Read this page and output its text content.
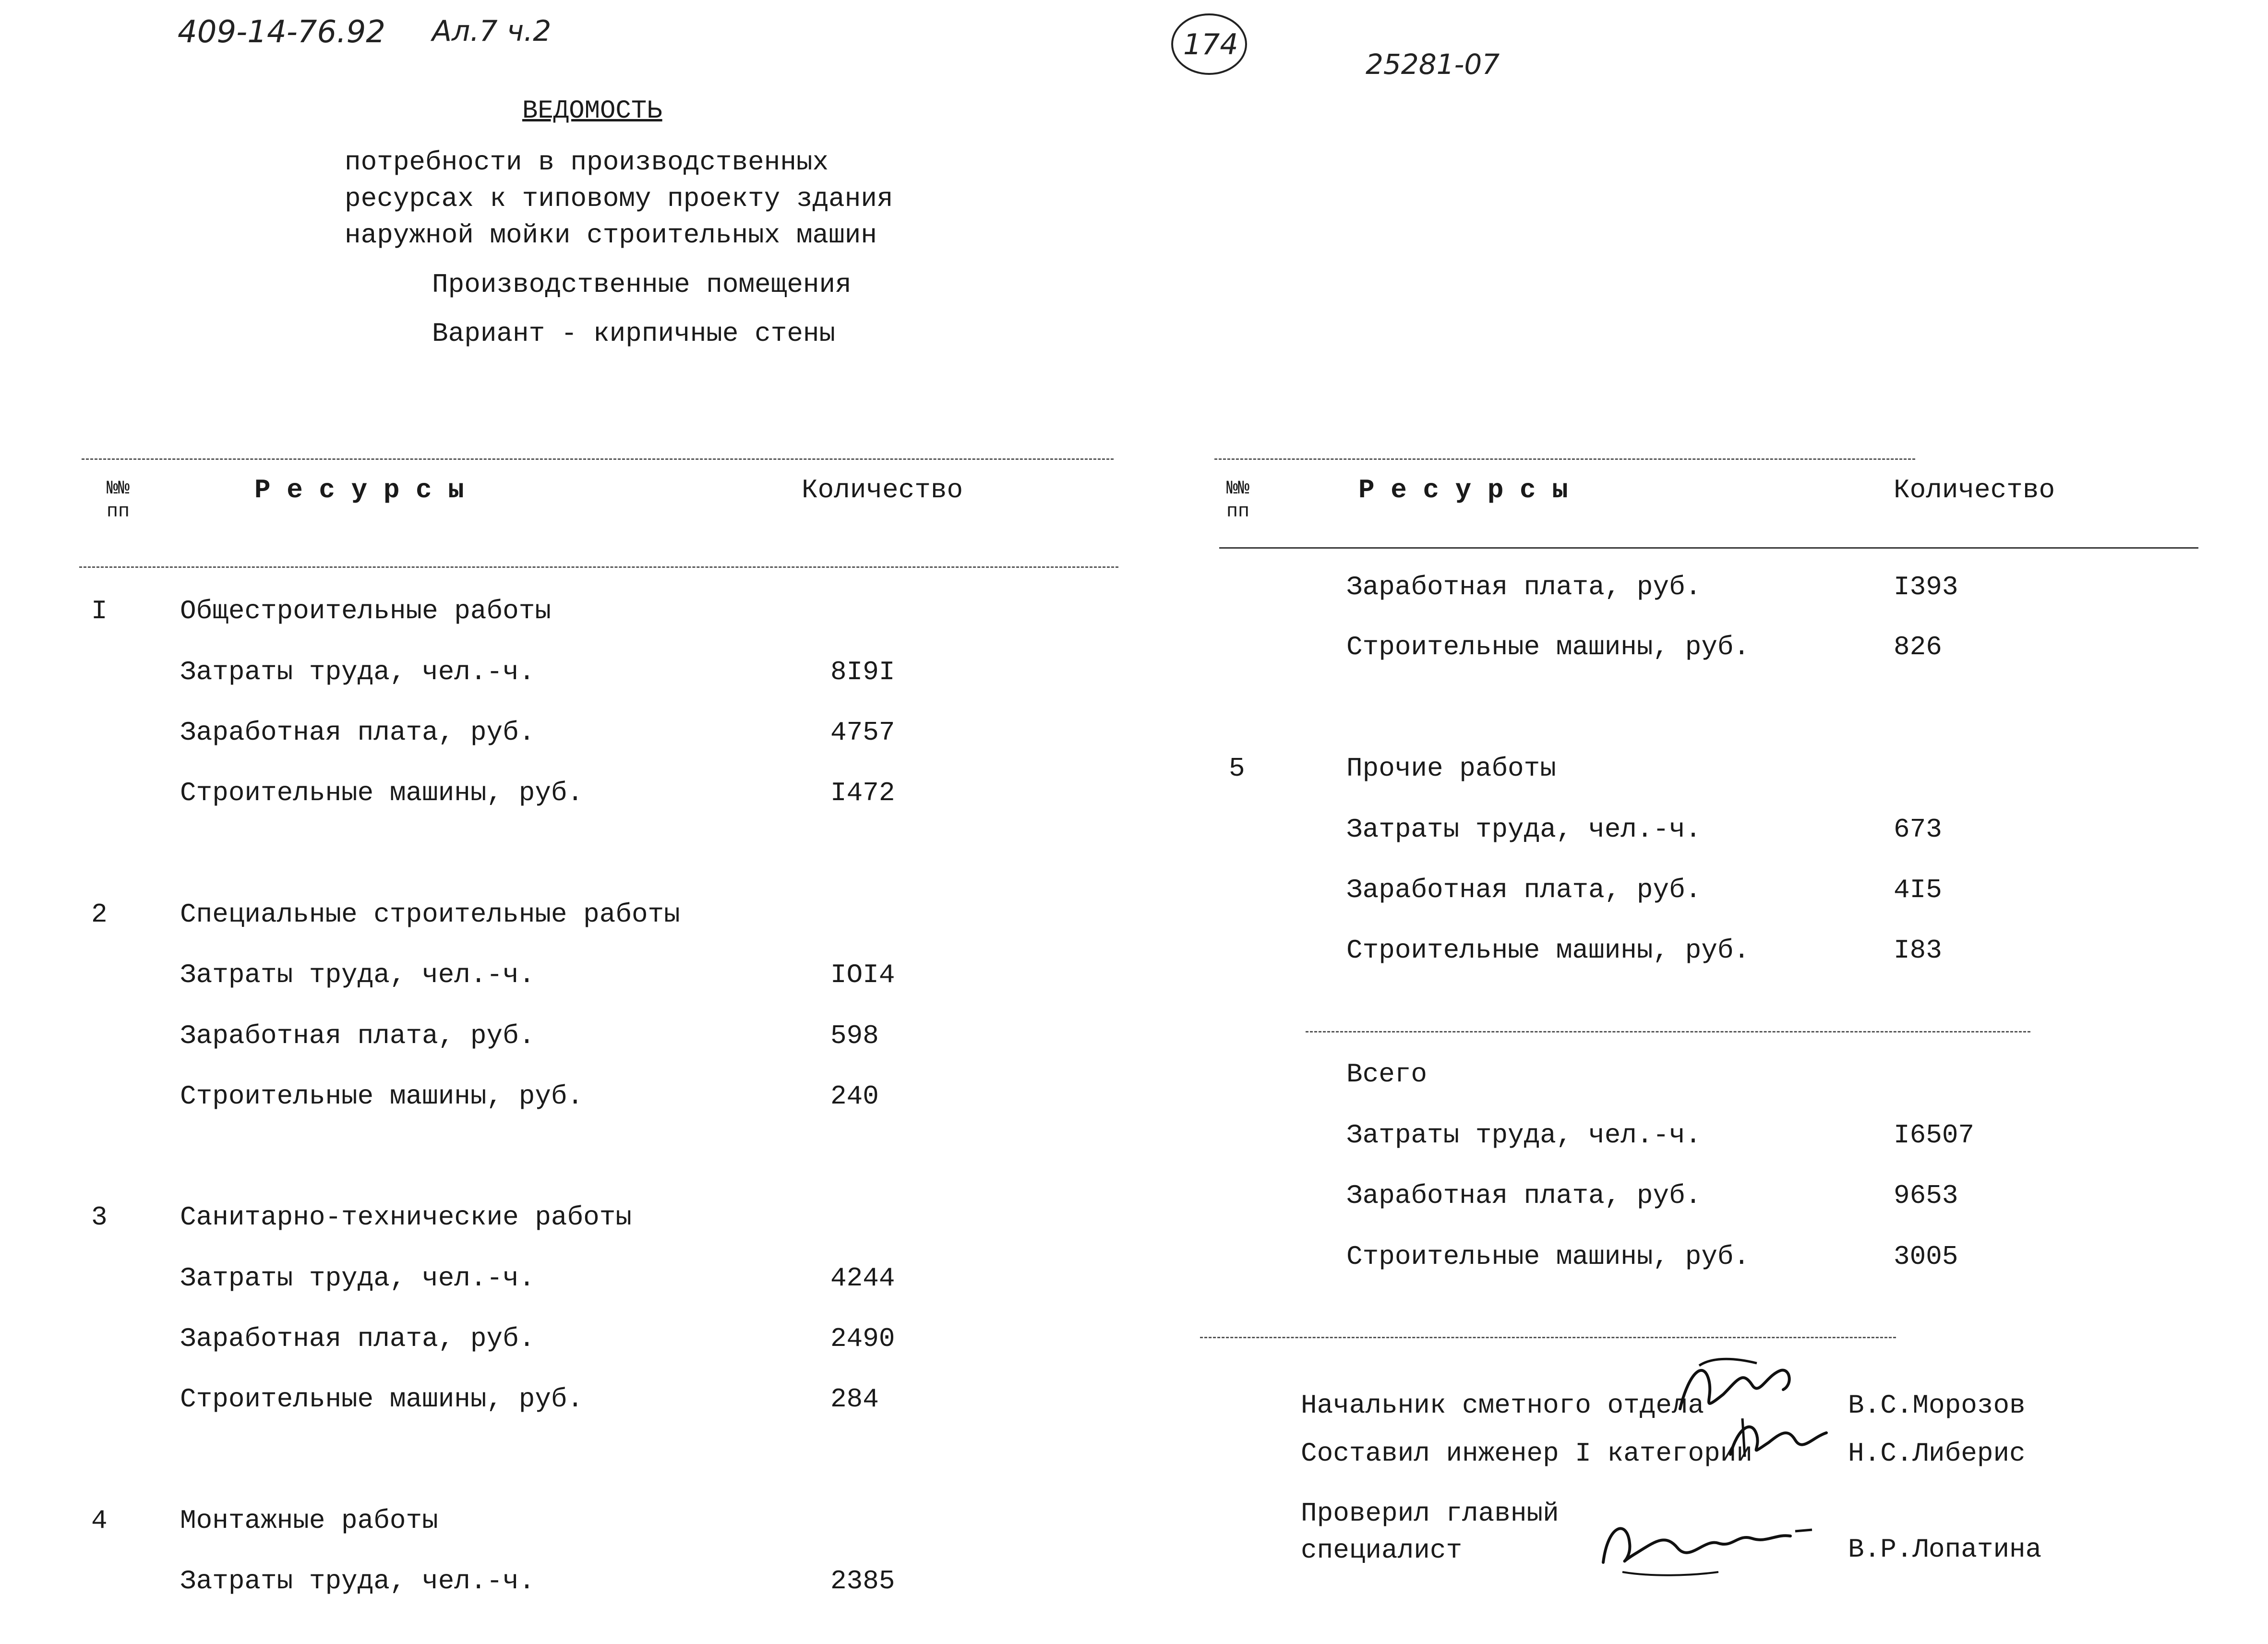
409-14-76.92 Ал.7 ч.2	174
25281-07
ВЕДОМОСТЬ
потребности в производственных
ресурсах к типовому проекту здания
наружной мойки строительных машин
Производственные помещения
Вариант - кирпичные стены
№№
пп
Р е с у р с ы	Количество
I	Общестроительные работы
Затраты труда, чел.-ч.	8I9I
Заработная плата, руб.	4757
Строительные машины, руб.	I472
2	Специальные строительные работы
Затраты труда, чел.-ч.	IOI4
Заработная плата, руб.	598
Строительные машины, руб.	240
3	Санитарно-технические работы
Затраты труда, чел.-ч.	4244
Заработная плата, руб.	2490
Строительные машины, руб.	284
4	Монтажные работы
Затраты труда, чел.-ч.	2385
№№
пп
Р е с у р с ы	Количество
Заработная плата, руб.	I393
Строительные машины, руб.	826
5	Прочие работы
Затраты труда, чел.-ч.	673
Заработная плата, руб.	4I5
Строительные машины, руб.	I83
Всего
Затраты труда, чел.-ч.	I6507
Заработная плата, руб.	9653
Строительные машины, руб.	3005
Начальник сметного отдела	В.С.Морозов
Составил инженер I категории	Н.С.Либерис
Проверил главный
специалист	В.Р.Лопатина
